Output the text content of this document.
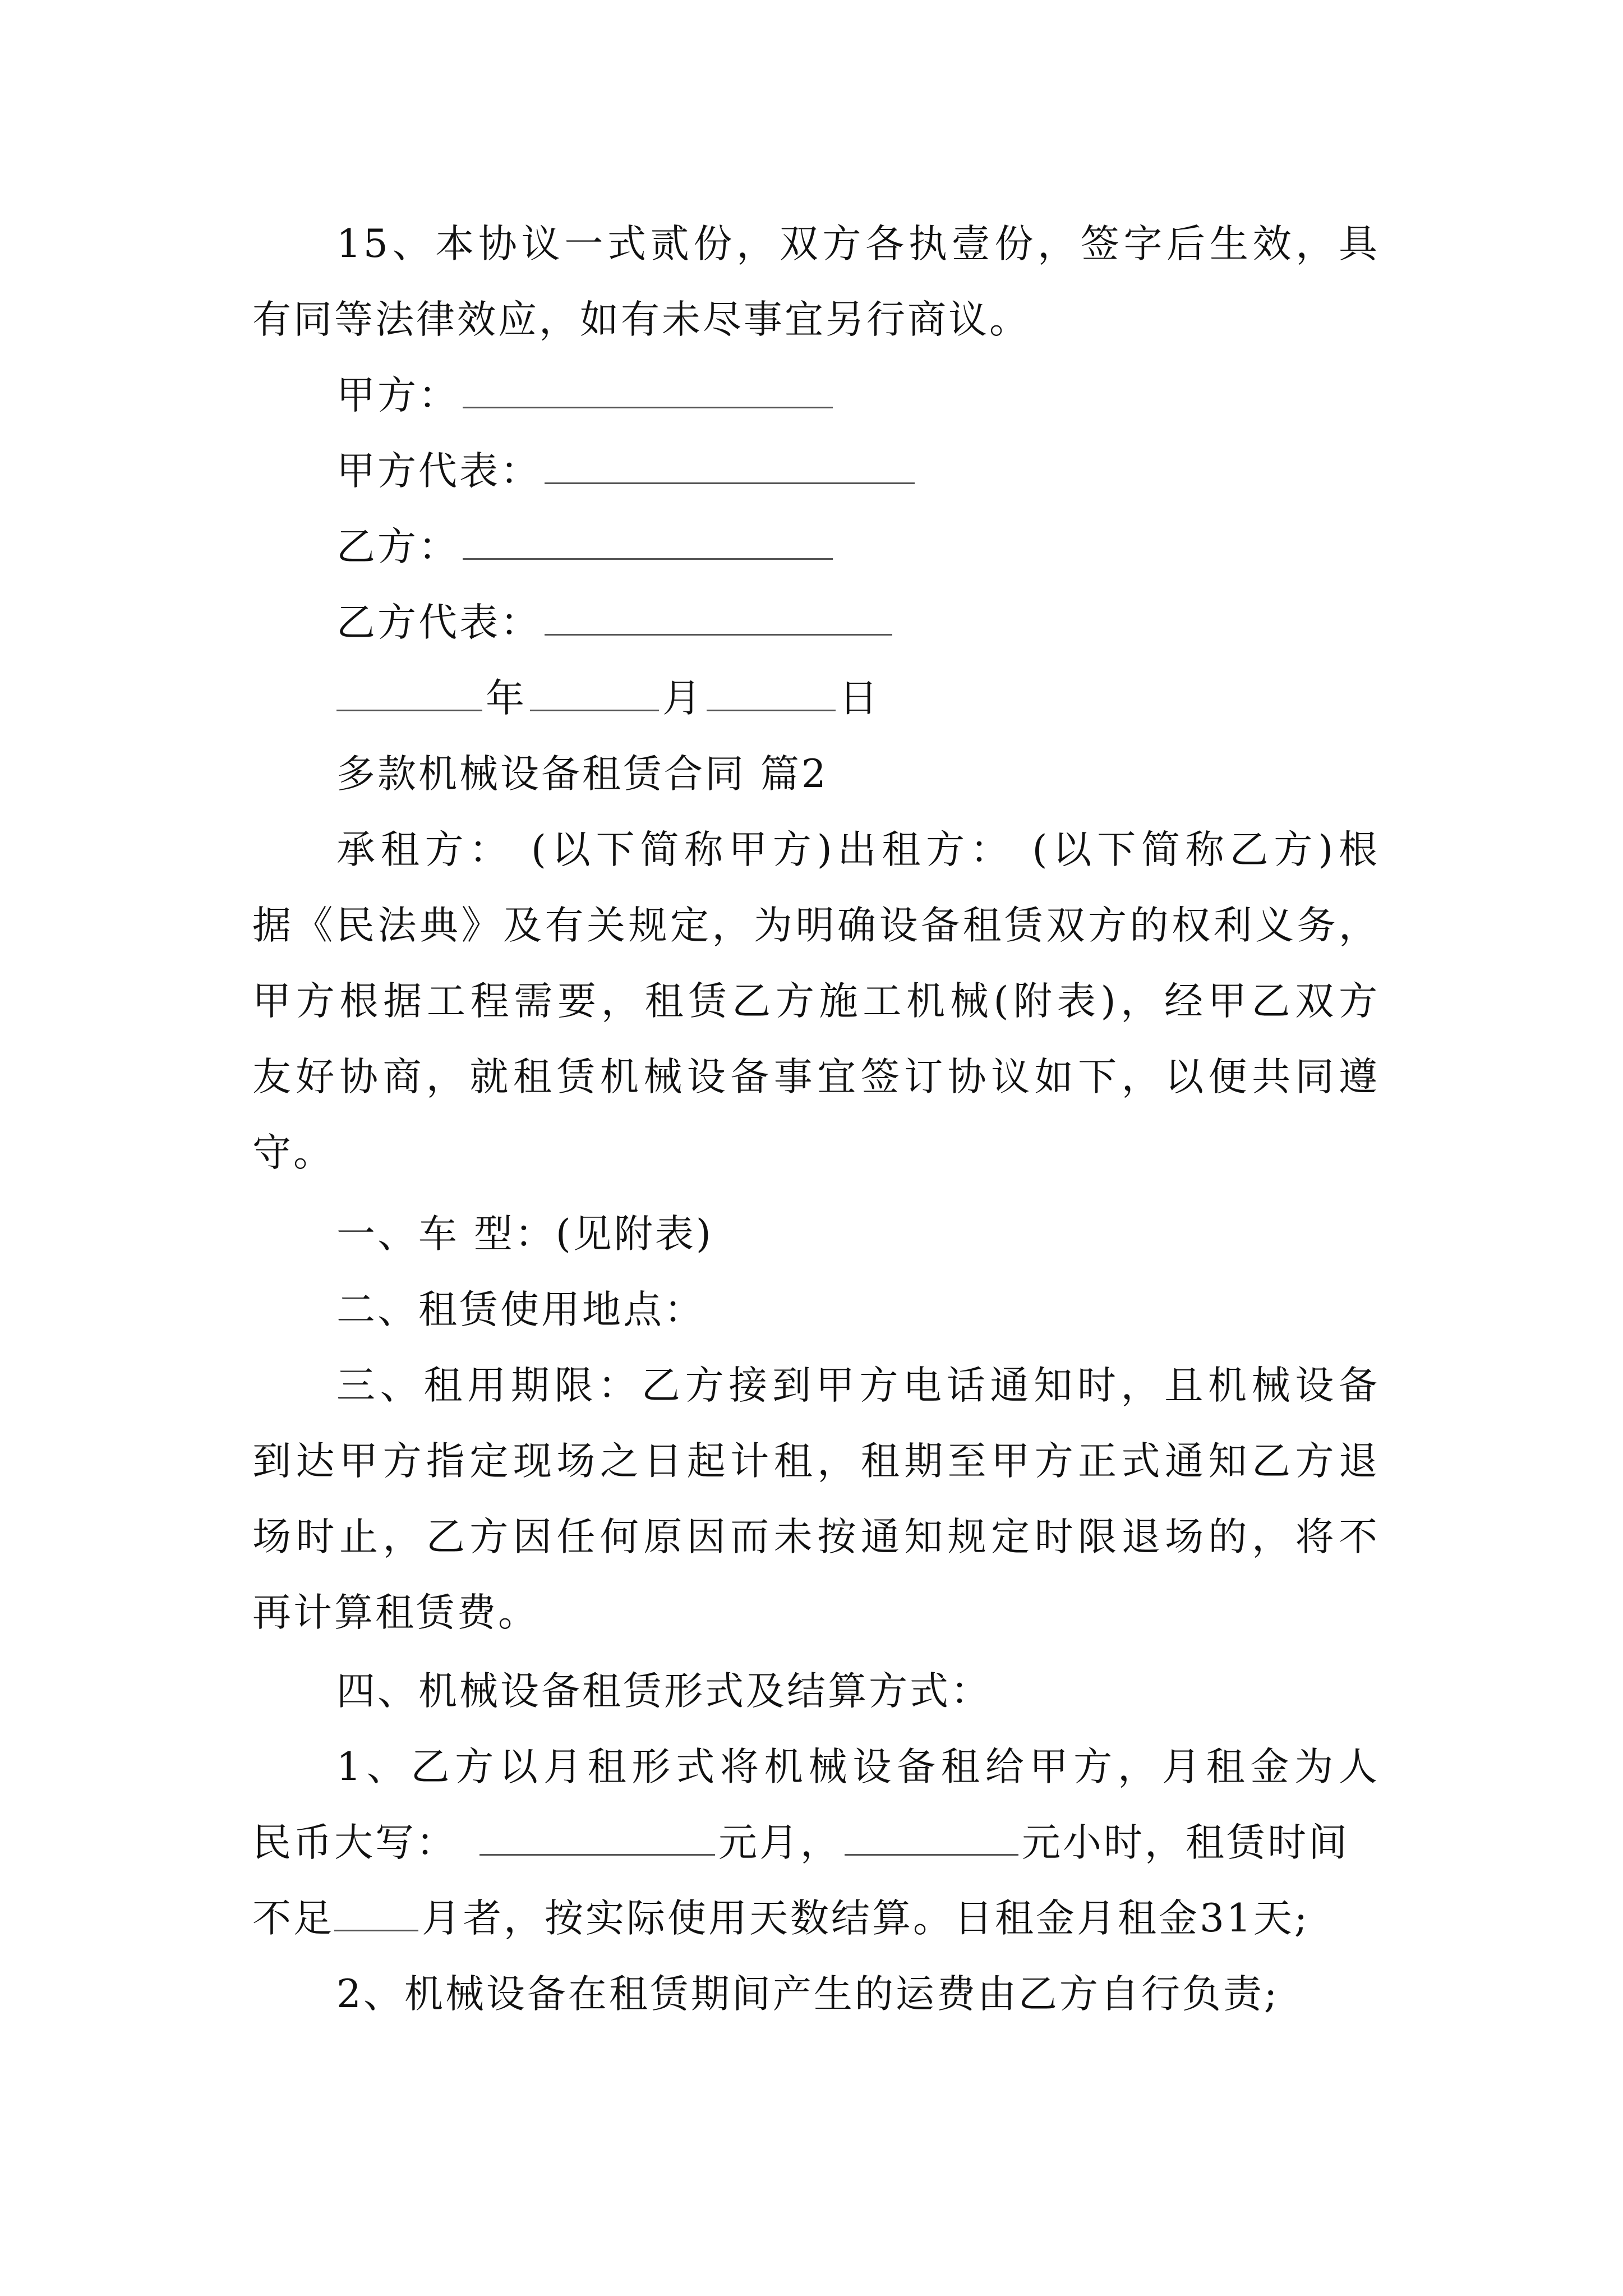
15、本协议一式贰份，双方各执壹份，签字后生效，具
有同等法律效应，如有未尽事宜另行商议。
甲方：
甲方代表：
乙方：
乙方代表：
年	月	日
多款机械设备租赁合同 篇2
承租方： (以下简称甲方)出租方： (以下简称乙方)根
据《民法典》及有关规定，为明确设备租赁双方的权利义务，
甲方根据工程需要，租赁乙方施工机械(附表)，经甲乙双方
友好协商，就租赁机械设备事宜签订协议如下，以便共同遵
守。
一、车 型：(见附表)
二、租赁使用地点：
三、租用期限：乙方接到甲方电话通知时，且机械设备
到达甲方指定现场之日起计租，租期至甲方正式通知乙方退
场时止，乙方因任何原因而未按通知规定时限退场的，将不
再计算租赁费。
四、机械设备租赁形式及结算方式：
1、乙方以月租形式将机械设备租给甲方，月租金为人
民币大写：	元月，	元小时，租赁时间
不足 月者，按实际使用天数结算。日租金月租金31天;
2、机械设备在租赁期间产生的运费由乙方自行负责;
